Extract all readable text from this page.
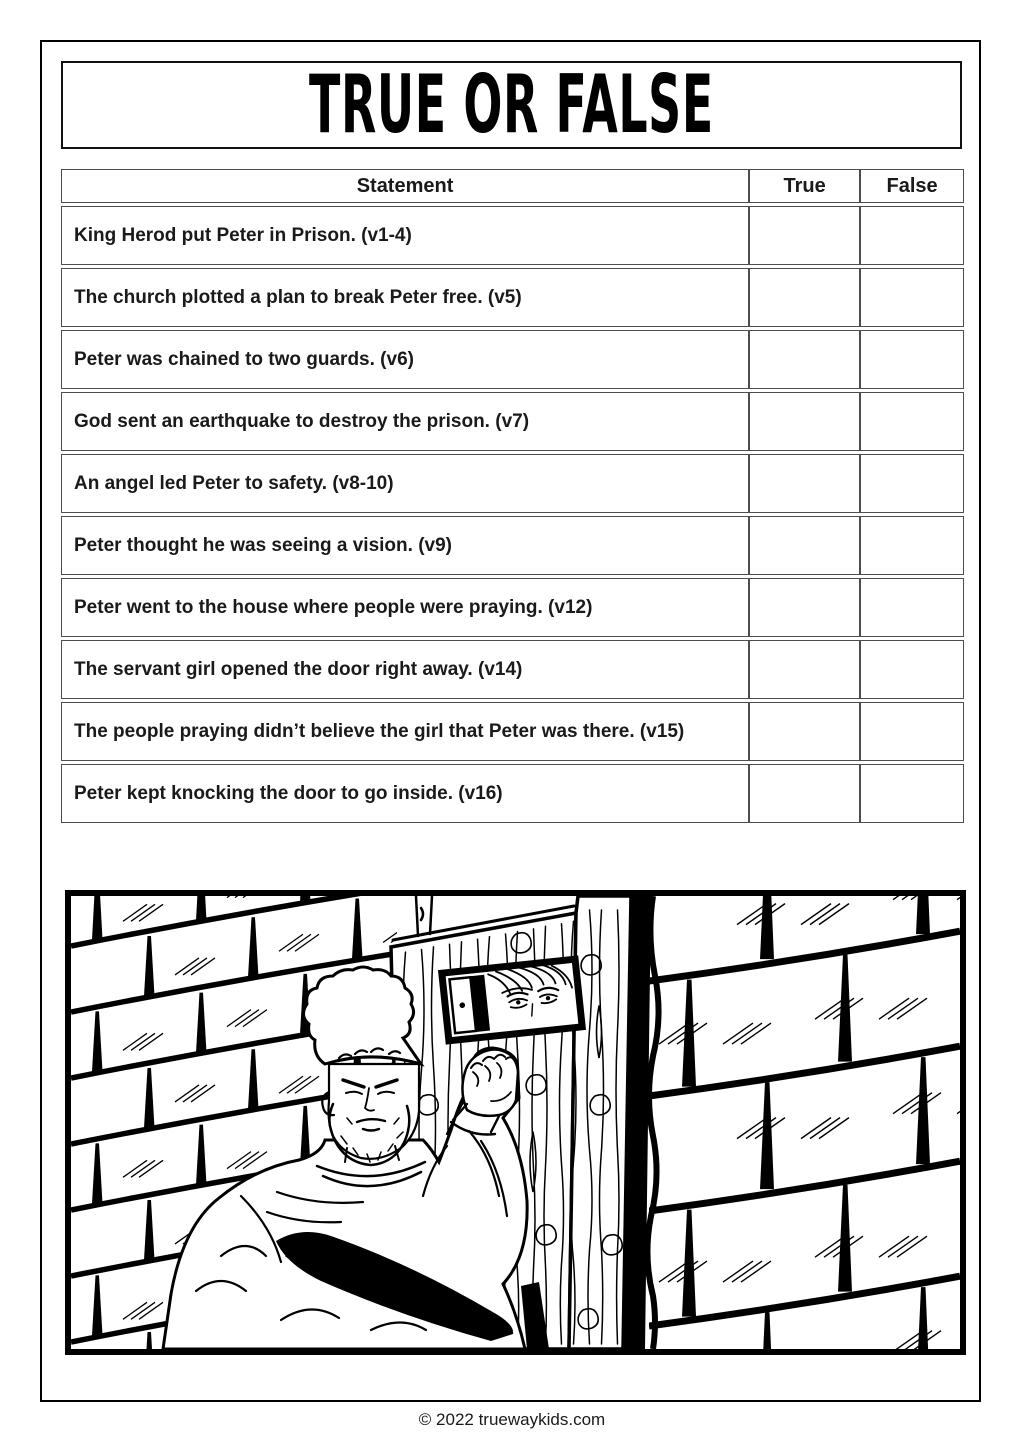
TRUE OR FALSE
Statement	True	False
King Herod put Peter in Prison. (v1-4)		
The church plotted a plan to break Peter free. (v5)		
Peter was chained to two guards. (v6)		
God sent an earthquake to destroy the prison. (v7)		
An angel led Peter to safety. (v8-10)		
Peter thought he was seeing a vision. (v9)		
Peter went to the house where people were praying. (v12)		
The servant girl opened the door right away. (v14)		
The people praying didn’t believe the girl that Peter was there. (v15)		
Peter kept knocking the door to go inside. (v16)		
© 2022 truewaykids.com
